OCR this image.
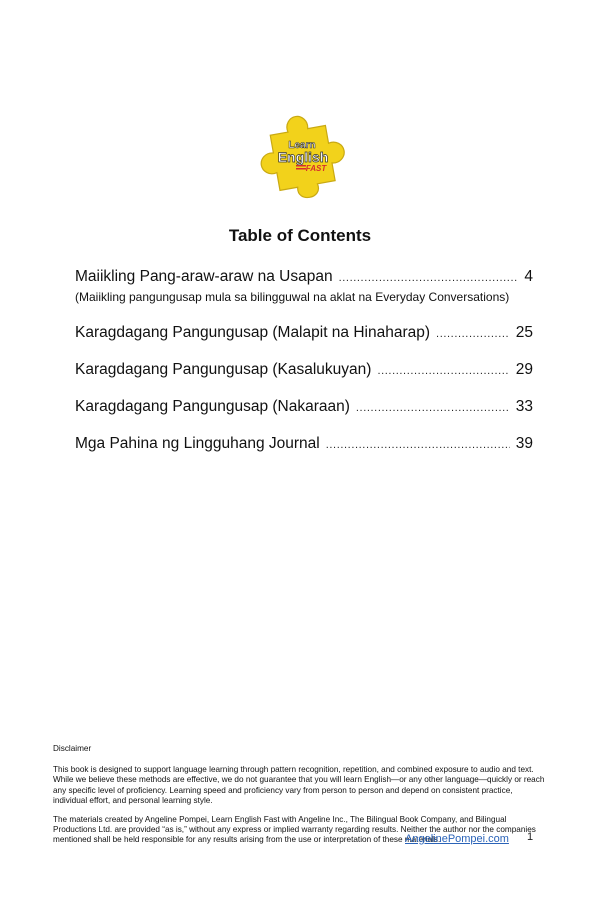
Learn
English
FAST
Table of Contents
Maiikling Pang-araw-araw na Usapan .....	4
(Maiikling pangungusap mula sa bilingguwal na aklat na Everyday Conversations)
Karagdagang Pangungusap (Malapit na Hinaharap) .....	25
Karagdagang Pangungusap (Kasalukuyan) .....	29
Karagdagang Pangungusap (Nakaraan) .....	33
Mga Pahina ng Lingguhang Journal .....	39

Disclaimer

This book is designed to support language learning through pattern recognition, repetition, and combined exposure to audio and text. While we believe these methods are effective, we do not guarantee that you will learn English—or any other language—quickly or reach any specific level of proficiency. Learning speed and proficiency vary from person to person and depend on consistent practice, individual effort, and personal learning style.

The materials created by Angeline Pompei, Learn English Fast with Angeline Inc., The Bilingual Book Company, and Bilingual Productions Ltd. are provided “as is,” without any express or implied warranty regarding results. Neither the author nor the companies mentioned shall be held responsible for any results arising from the use or interpretation of these materials.

AngelinePompei.com 1
